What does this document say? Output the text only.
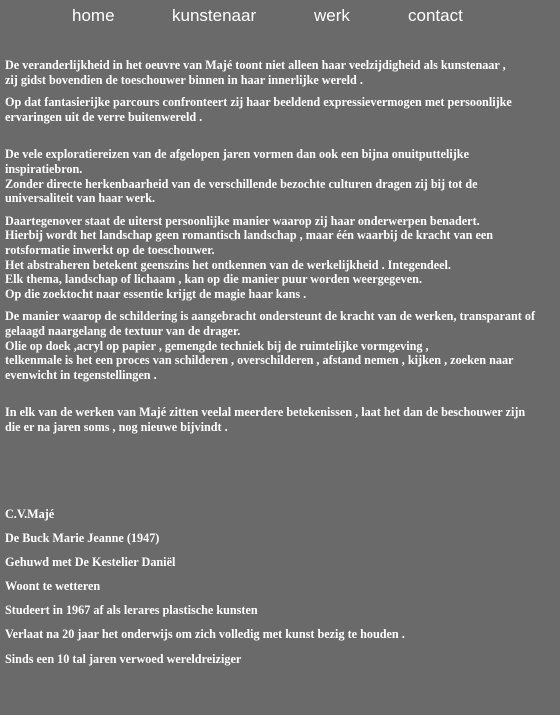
home	kunstenaar	werk	contact

De veranderlijkheid in het oeuvre van Majé toont niet alleen haar veelzijdigheid als kunstenaar ,

zij gidst bovendien de toeschouwer binnen in haar innerlijke wereld .

Op dat fantasierijke parcours confronteert zij haar beeldend expressievermogen met persoonlijke

ervaringen uit de verre buitenwereld .

De vele exploratiereizen van de afgelopen jaren vormen dan ook een bijna onuitputtelijke

inspiratiebron.

Zonder directe herkenbaarheid van de verschillende bezochte culturen dragen zij bij tot de

universaliteit van haar werk.

Daartegenover staat de uiterst persoonlijke manier waarop zij haar onderwerpen benadert.

Hierbij wordt het landschap geen romantisch landschap , maar één waarbij de kracht van een

rotsformatie inwerkt op de toeschouwer.

Het abstraheren betekent geenszins het ontkennen van de werkelijkheid . Integendeel.

Elk thema, landschap of lichaam , kan op die manier puur worden weergegeven.

Op die zoektocht naar essentie krijgt de magie haar kans .

De manier waarop de schildering is aangebracht ondersteunt de kracht van de werken, transparant of

gelaagd naargelang de textuur van de drager.

Olie op doek ,acryl op papier , gemengde techniek bij de ruimtelijke vormgeving ,

telkenmale is het een proces van schilderen , overschilderen , afstand nemen , kijken , zoeken naar

evenwicht in tegenstellingen .

In elk van de werken van Majé zitten veelal meerdere betekenissen , laat het dan de beschouwer zijn

die er na jaren soms , nog nieuwe bijvindt .

C.V.Majé

De Buck Marie Jeanne (1947)

Gehuwd met De Kestelier Daniël

Woont te wetteren

Studeert in 1967 af als lerares plastische kunsten

Verlaat na 20 jaar het onderwijs om zich volledig met kunst bezig te houden .

Sinds een 10 tal jaren verwoed wereldreiziger
